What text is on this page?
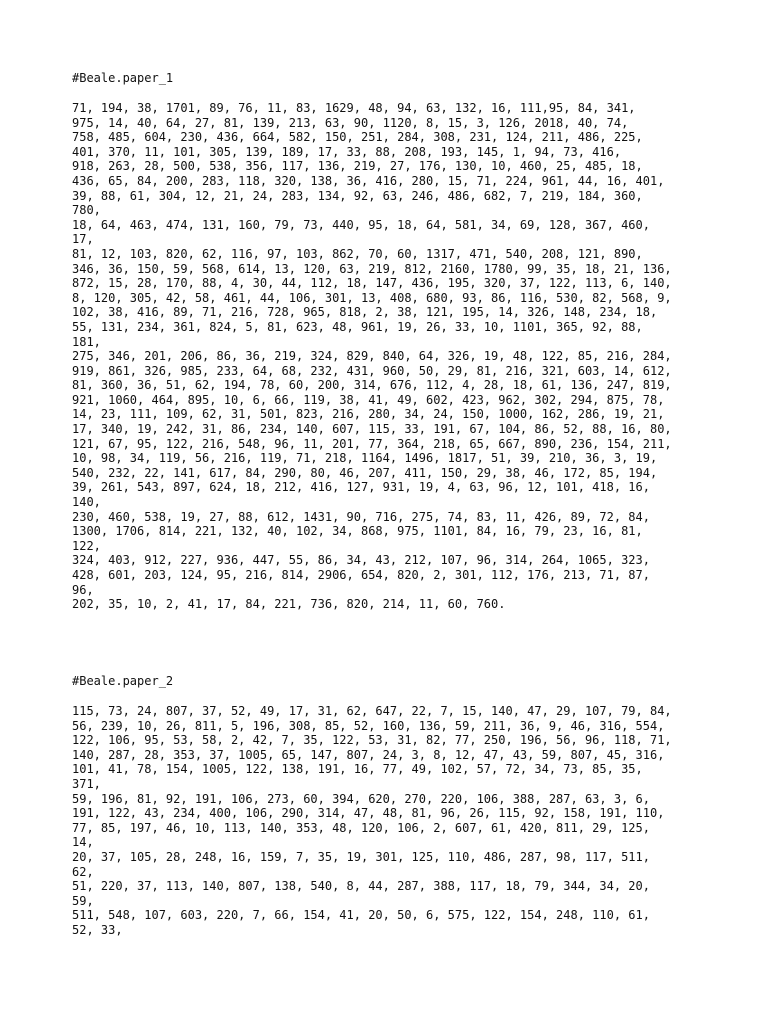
#Beale.paper_1
71, 194, 38, 1701, 89, 76, 11, 83, 1629, 48, 94, 63, 132, 16, 111,95, 84, 341,
975, 14, 40, 64, 27, 81, 139, 213, 63, 90, 1120, 8, 15, 3, 126, 2018, 40, 74,
758, 485, 604, 230, 436, 664, 582, 150, 251, 284, 308, 231, 124, 211, 486, 225,
401, 370, 11, 101, 305, 139, 189, 17, 33, 88, 208, 193, 145, 1, 94, 73, 416,
918, 263, 28, 500, 538, 356, 117, 136, 219, 27, 176, 130, 10, 460, 25, 485, 18,
436, 65, 84, 200, 283, 118, 320, 138, 36, 416, 280, 15, 71, 224, 961, 44, 16, 401,
39, 88, 61, 304, 12, 21, 24, 283, 134, 92, 63, 246, 486, 682, 7, 219, 184, 360,
780,
18, 64, 463, 474, 131, 160, 79, 73, 440, 95, 18, 64, 581, 34, 69, 128, 367, 460,
17,
81, 12, 103, 820, 62, 116, 97, 103, 862, 70, 60, 1317, 471, 540, 208, 121, 890,
346, 36, 150, 59, 568, 614, 13, 120, 63, 219, 812, 2160, 1780, 99, 35, 18, 21, 136,
872, 15, 28, 170, 88, 4, 30, 44, 112, 18, 147, 436, 195, 320, 37, 122, 113, 6, 140,
8, 120, 305, 42, 58, 461, 44, 106, 301, 13, 408, 680, 93, 86, 116, 530, 82, 568, 9,
102, 38, 416, 89, 71, 216, 728, 965, 818, 2, 38, 121, 195, 14, 326, 148, 234, 18,
55, 131, 234, 361, 824, 5, 81, 623, 48, 961, 19, 26, 33, 10, 1101, 365, 92, 88,
181,
275, 346, 201, 206, 86, 36, 219, 324, 829, 840, 64, 326, 19, 48, 122, 85, 216, 284,
919, 861, 326, 985, 233, 64, 68, 232, 431, 960, 50, 29, 81, 216, 321, 603, 14, 612,
81, 360, 36, 51, 62, 194, 78, 60, 200, 314, 676, 112, 4, 28, 18, 61, 136, 247, 819,
921, 1060, 464, 895, 10, 6, 66, 119, 38, 41, 49, 602, 423, 962, 302, 294, 875, 78,
14, 23, 111, 109, 62, 31, 501, 823, 216, 280, 34, 24, 150, 1000, 162, 286, 19, 21,
17, 340, 19, 242, 31, 86, 234, 140, 607, 115, 33, 191, 67, 104, 86, 52, 88, 16, 80,
121, 67, 95, 122, 216, 548, 96, 11, 201, 77, 364, 218, 65, 667, 890, 236, 154, 211,
10, 98, 34, 119, 56, 216, 119, 71, 218, 1164, 1496, 1817, 51, 39, 210, 36, 3, 19,
540, 232, 22, 141, 617, 84, 290, 80, 46, 207, 411, 150, 29, 38, 46, 172, 85, 194,
39, 261, 543, 897, 624, 18, 212, 416, 127, 931, 19, 4, 63, 96, 12, 101, 418, 16,
140,
230, 460, 538, 19, 27, 88, 612, 1431, 90, 716, 275, 74, 83, 11, 426, 89, 72, 84,
1300, 1706, 814, 221, 132, 40, 102, 34, 868, 975, 1101, 84, 16, 79, 23, 16, 81,
122,
324, 403, 912, 227, 936, 447, 55, 86, 34, 43, 212, 107, 96, 314, 264, 1065, 323,
428, 601, 203, 124, 95, 216, 814, 2906, 654, 820, 2, 301, 112, 176, 213, 71, 87,
96,
202, 35, 10, 2, 41, 17, 84, 221, 736, 820, 214, 11, 60, 760.
#Beale.paper_2
115, 73, 24, 807, 37, 52, 49, 17, 31, 62, 647, 22, 7, 15, 140, 47, 29, 107, 79, 84,
56, 239, 10, 26, 811, 5, 196, 308, 85, 52, 160, 136, 59, 211, 36, 9, 46, 316, 554,
122, 106, 95, 53, 58, 2, 42, 7, 35, 122, 53, 31, 82, 77, 250, 196, 56, 96, 118, 71,
140, 287, 28, 353, 37, 1005, 65, 147, 807, 24, 3, 8, 12, 47, 43, 59, 807, 45, 316,
101, 41, 78, 154, 1005, 122, 138, 191, 16, 77, 49, 102, 57, 72, 34, 73, 85, 35,
371,
59, 196, 81, 92, 191, 106, 273, 60, 394, 620, 270, 220, 106, 388, 287, 63, 3, 6,
191, 122, 43, 234, 400, 106, 290, 314, 47, 48, 81, 96, 26, 115, 92, 158, 191, 110,
77, 85, 197, 46, 10, 113, 140, 353, 48, 120, 106, 2, 607, 61, 420, 811, 29, 125,
14,
20, 37, 105, 28, 248, 16, 159, 7, 35, 19, 301, 125, 110, 486, 287, 98, 117, 511,
62,
51, 220, 37, 113, 140, 807, 138, 540, 8, 44, 287, 388, 117, 18, 79, 344, 34, 20,
59,
511, 548, 107, 603, 220, 7, 66, 154, 41, 20, 50, 6, 575, 122, 154, 248, 110, 61,
52, 33,
